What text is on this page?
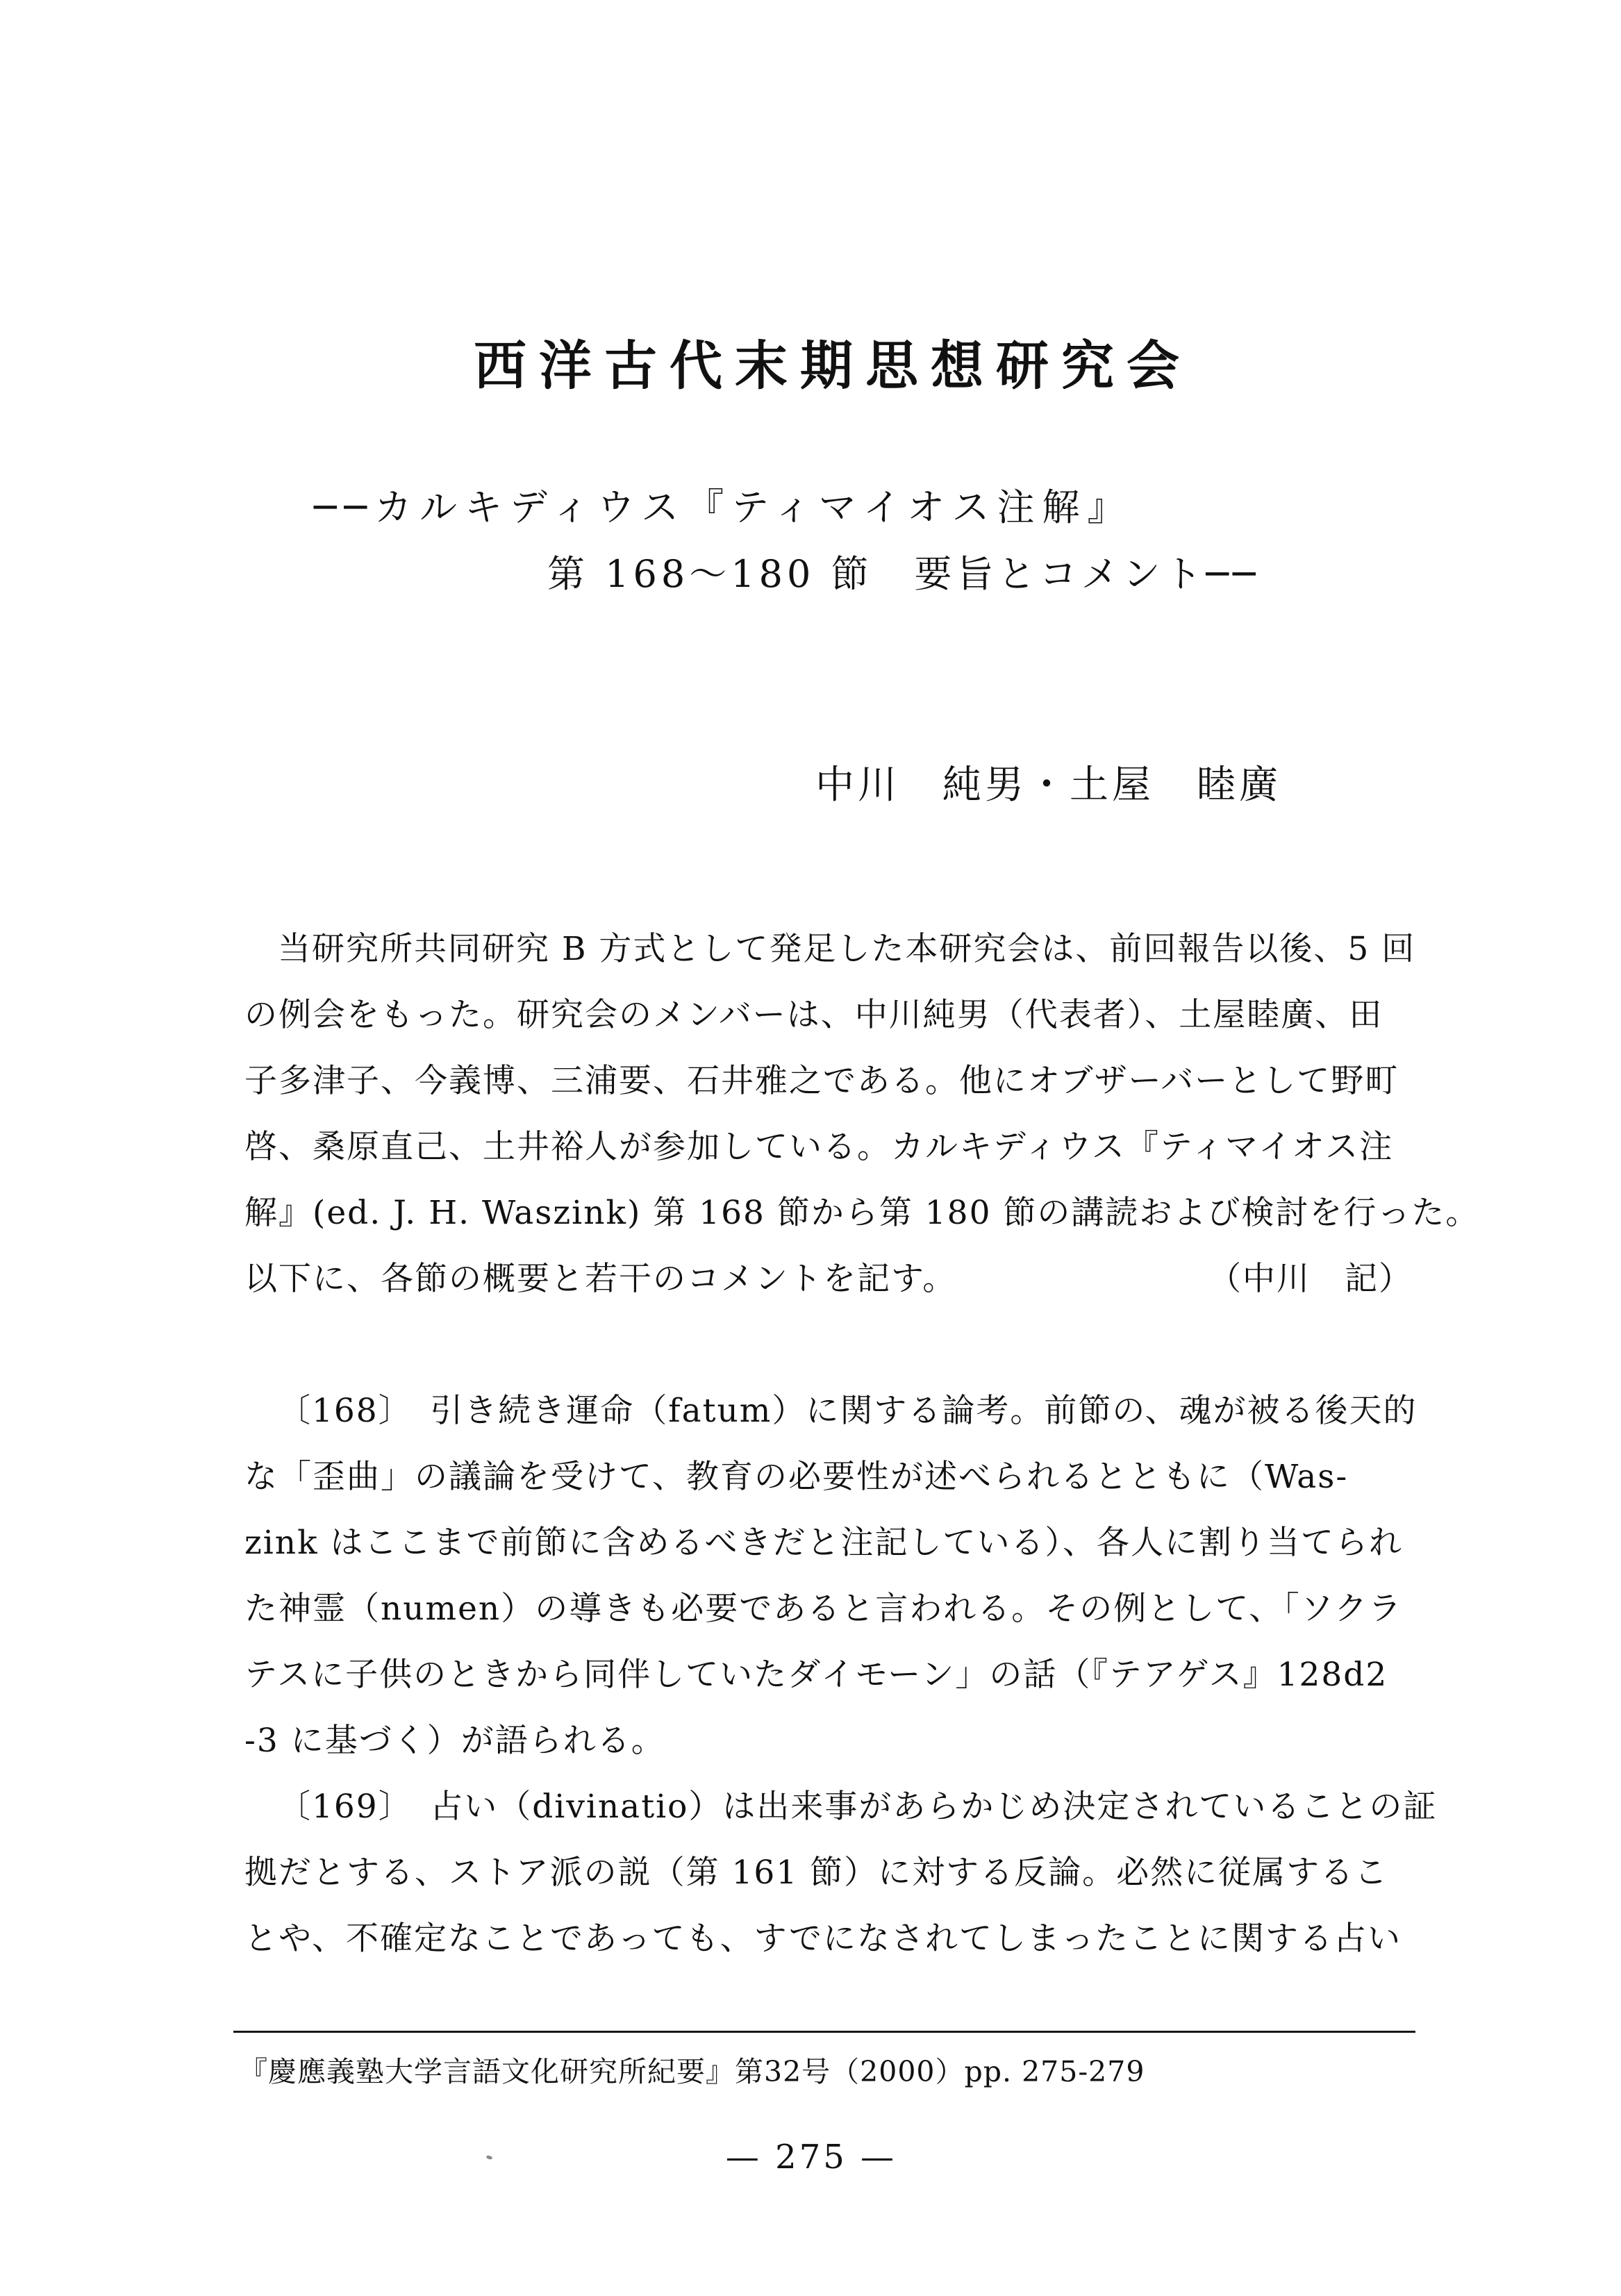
西洋古代末期思想研究会
──カルキディウス『ティマイオス注解』
第 168～180 節　要旨とコメント──
中川　純男・土屋　睦廣
当研究所共同研究 B 方式として発足した本研究会は、前回報告以後、5 回
の例会をもった。研究会のメンバーは、中川純男（代表者）、土屋睦廣、田
子多津子、今義博、三浦要、石井雅之である。他にオブザーバーとして野町
啓、桑原直己、土井裕人が参加している。カルキディウス『ティマイオス注
解』(ed. J. H. Waszink) 第 168 節から第 180 節の講読および検討を行った。
以下に、各節の概要と若干のコメントを記す。	（中川　記）
〔168〕　引き続き運命（fatum）に関する論考。前節の、魂が被る後天的
な「歪曲」の議論を受けて、教育の必要性が述べられるとともに（Was-
zink はここまで前節に含めるべきだと注記している）、各人に割り当てられ
た神霊（numen）の導きも必要であると言われる。その例として、「ソクラ
テスに子供のときから同伴していたダイモーン」の話（『テアゲス』128d2
-3 に基づく）が語られる。
〔169〕　占い（divinatio）は出来事があらかじめ決定されていることの証
拠だとする、ストア派の説（第 161 節）に対する反論。必然に従属するこ
とや、不確定なことであっても、すでになされてしまったことに関する占い
『慶應義塾大学言語文化研究所紀要』第32号（2000）pp. 275-279
— 275 —
